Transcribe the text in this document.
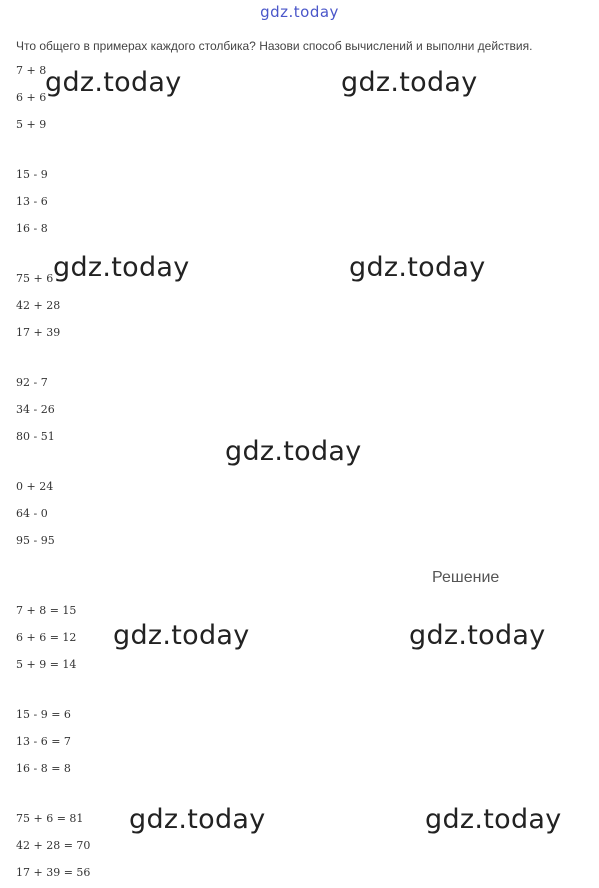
gdz.today
Что общего в примерах каждого столбика? Назови способ вычислений и выполни действия.
7 + 8
6 + 6
5 + 9
15 - 9
13 - 6
16 - 8
75 + 6
42 + 28
17 + 39
92 - 7
34 - 26
80 - 51
0 + 24
64 - 0
95 - 95
Решение
7 + 8 = 15
6 + 6 = 12
5 + 9 = 14
15 - 9 = 6
13 - 6 = 7
16 - 8 = 8
75 + 6 = 81
42 + 28 = 70
17 + 39 = 56
gdz.today	gdz.today
gdz.today	gdz.today
gdz.today
gdz.today	gdz.today
gdz.today	gdz.today
